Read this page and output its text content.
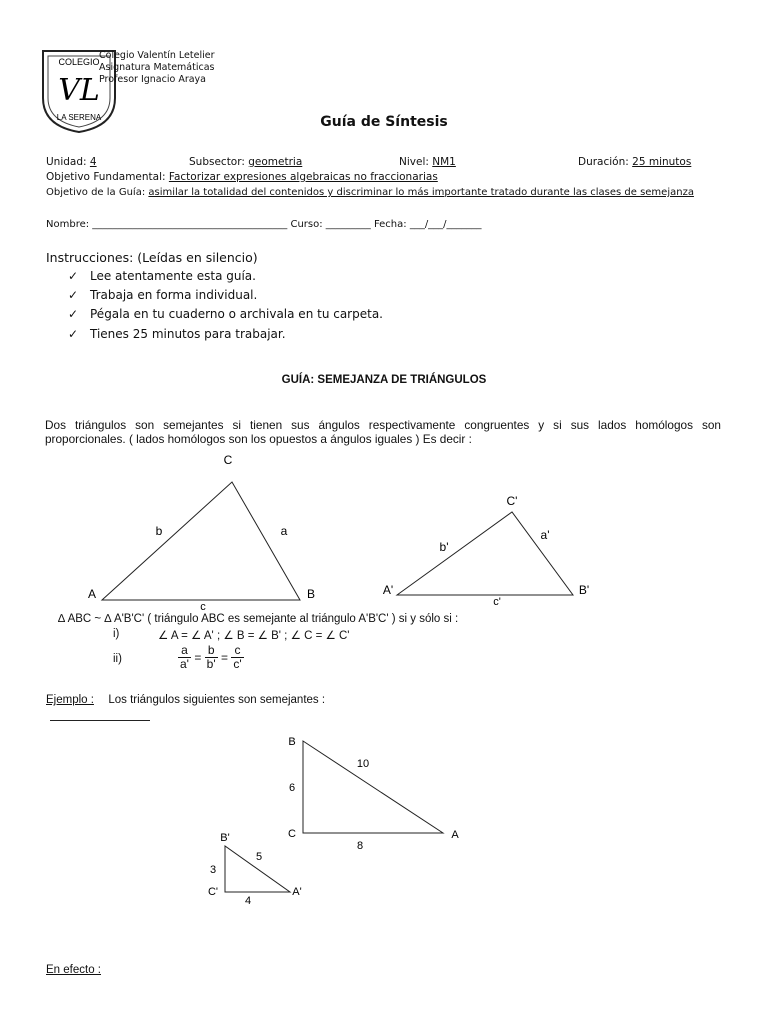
COLEGIO
VL
LA SERENA
Colegio Valentín Letelier
Asignatura Matemáticas
Profesor Ignacio Araya
Guía de Síntesis
Unidad: 4	Subsector: geometria	Nivel: NM1	Duración: 25 minutos
Objetivo Fundamental: Factorizar expresiones algebraicas no fraccionarias
Objetivo de la Guía: asimilar la totalidad del contenidos y discriminar lo más importante tratado durante las clases de semejanza
Nombre: _______________________________________ Curso: _________ Fecha: ___/___/_______
Instrucciones: (Leídas en silencio)
✓ Lee atentamente esta guía.
✓ Trabaja en forma individual.
✓ Pégala en tu cuaderno o archivala en tu carpeta.
✓ Tienes 25 minutos para trabajar.
GUÍA: SEMEJANZA DE TRIÁNGULOS
Dos triángulos son semejantes si tienen sus ángulos respectivamente congruentes y si sus lados homólogos son
proporcionales. ( lados homólogos son los opuestos a ángulos iguales ) Es decir :
C
A	B
a
b
c
C'
A'	B'
a'
b'
c'
∆ ABC ~ ∆ A'B'C' ( triángulo ABC es semejante al triángulo A'B'C' ) si y sólo si :
i)	∠ A = ∠ A' ; ∠ B = ∠ B' ; ∠ C = ∠ C'
ii)	$\frac{a}{a'} = \frac{b}{b'} = \frac{c}{c'}$
Ejemplo : Los triángulos siguientes son semejantes :
B
C	A
6
8
10
B'
C'	A'
3
4
5
En efecto :
